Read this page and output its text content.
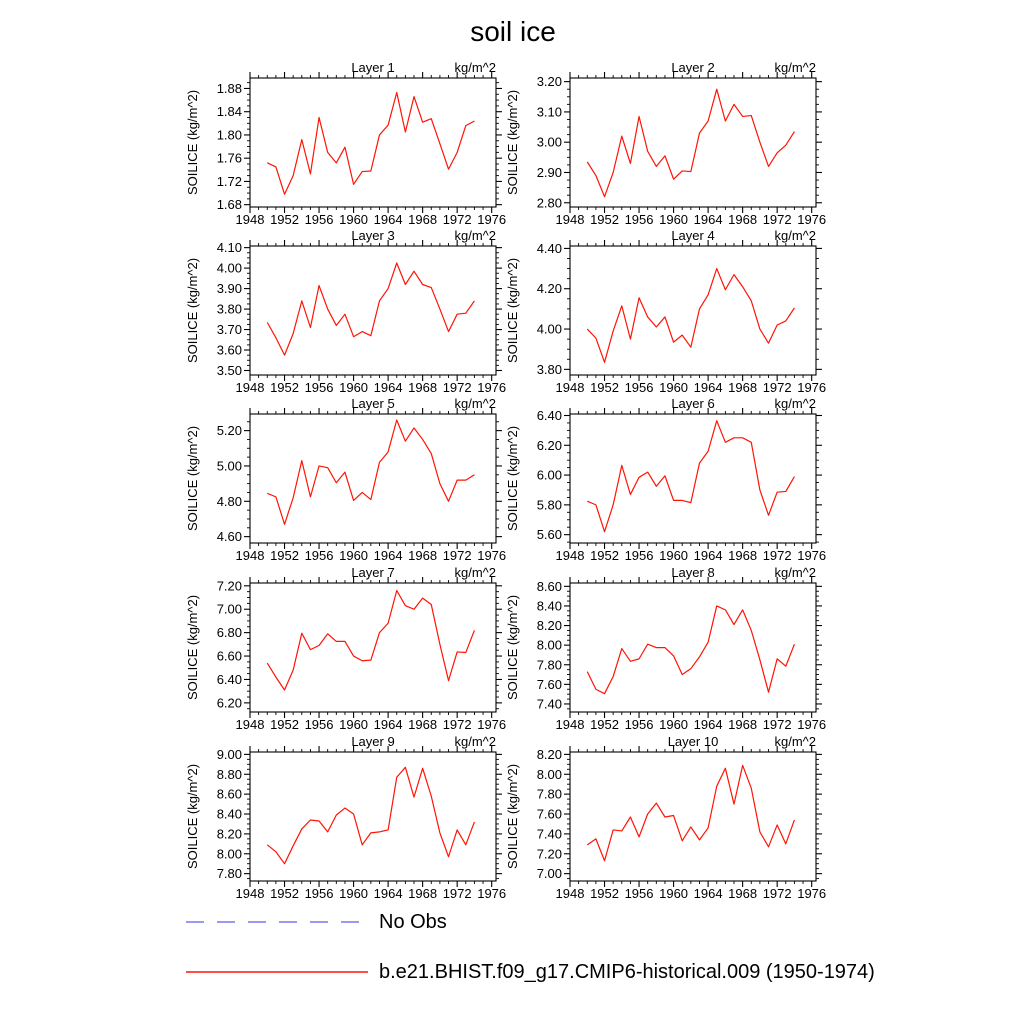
soil ice
1948 1952 1956 1960 1964 1968 1972 1976
1.68
1.72
1.76
1.80
1.84
1.88
Layer 1	kg/m^2
SOILICE (kg/m^2)
1948 1952 1956 1960 1964 1968 1972 1976
2.80
2.90
3.00
3.10
3.20
Layer 2	kg/m^2
SOILICE (kg/m^2)
1948 1952 1956 1960 1964 1968 1972 1976
3.50
3.60
3.70
3.80
3.90
4.00
4.10
Layer 3	kg/m^2
SOILICE (kg/m^2)
1948 1952 1956 1960 1964 1968 1972 1976
3.80
4.00
4.20
4.40
Layer 4	kg/m^2
SOILICE (kg/m^2)
1948 1952 1956 1960 1964 1968 1972 1976
4.60
4.80
5.00
5.20
Layer 5	kg/m^2
SOILICE (kg/m^2)
1948 1952 1956 1960 1964 1968 1972 1976
5.60
5.80
6.00
6.20
6.40
Layer 6	kg/m^2
SOILICE (kg/m^2)
1948 1952 1956 1960 1964 1968 1972 1976
6.20
6.40
6.60
6.80
7.00
7.20
Layer 7	kg/m^2
SOILICE (kg/m^2)
1948 1952 1956 1960 1964 1968 1972 1976
7.40
7.60
7.80
8.00
8.20
8.40
8.60
Layer 8	kg/m^2
SOILICE (kg/m^2)
1948 1952 1956 1960 1964 1968 1972 1976
7.80
8.00
8.20
8.40
8.60
8.80
9.00
Layer 9	kg/m^2
SOILICE (kg/m^2)
1948 1952 1956 1960 1964 1968 1972 1976
7.00
7.20
7.40
7.60
7.80
8.00
8.20
Layer 10	kg/m^2
SOILICE (kg/m^2)
No Obs
b.e21.BHIST.f09_g17.CMIP6-historical.009 (1950-1974)
